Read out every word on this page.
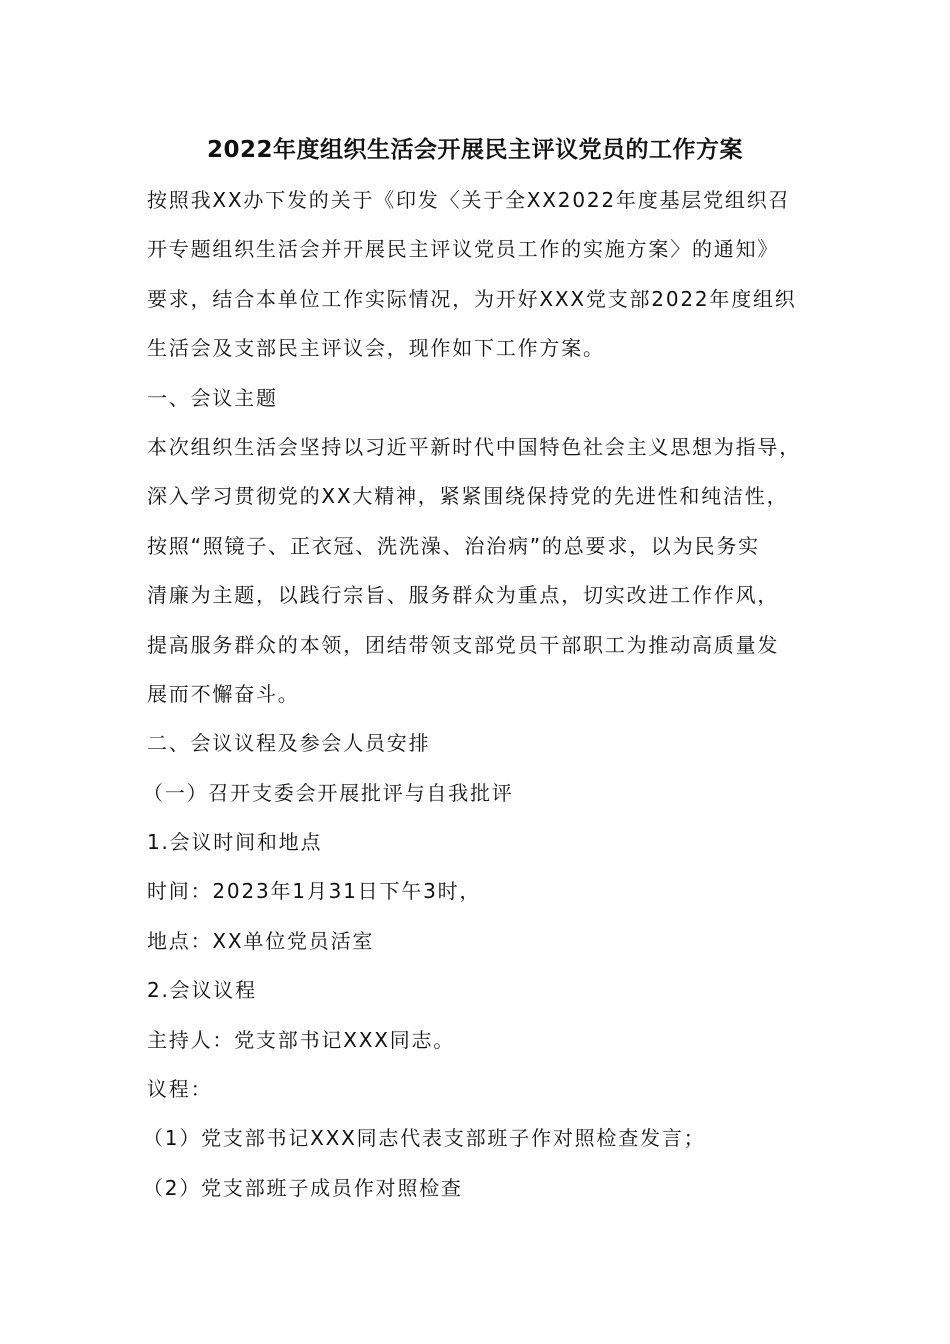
2022年度组织生活会开展民主评议党员的工作方案
按照我XX办下发的关于《印发〈关于全XX2022年度基层党组织召
开专题组织生活会并开展民主评议党员工作的实施方案〉的通知》
要求，结合本单位工作实际情况，为开好XXX党支部2022年度组织
生活会及支部民主评议会，现作如下工作方案。
一、会议主题
本次组织生活会坚持以习近平新时代中国特色社会主义思想为指导，
深入学习贯彻党的XX大精神，紧紧围绕保持党的先进性和纯洁性，
按照“照镜子、正衣冠、洗洗澡、治治病”的总要求，以为民务实
清廉为主题，以践行宗旨、服务群众为重点，切实改进工作作风，
提高服务群众的本领，团结带领支部党员干部职工为推动高质量发
展而不懈奋斗。
二、会议议程及参会人员安排
（一）召开支委会开展批评与自我批评
1.会议时间和地点
时间：2023年1月31日下午3时，
地点：XX单位党员活室
2.会议议程
主持人：党支部书记XXX同志。
议程：
（1）党支部书记XXX同志代表支部班子作对照检查发言；
（2）党支部班子成员作对照检查
